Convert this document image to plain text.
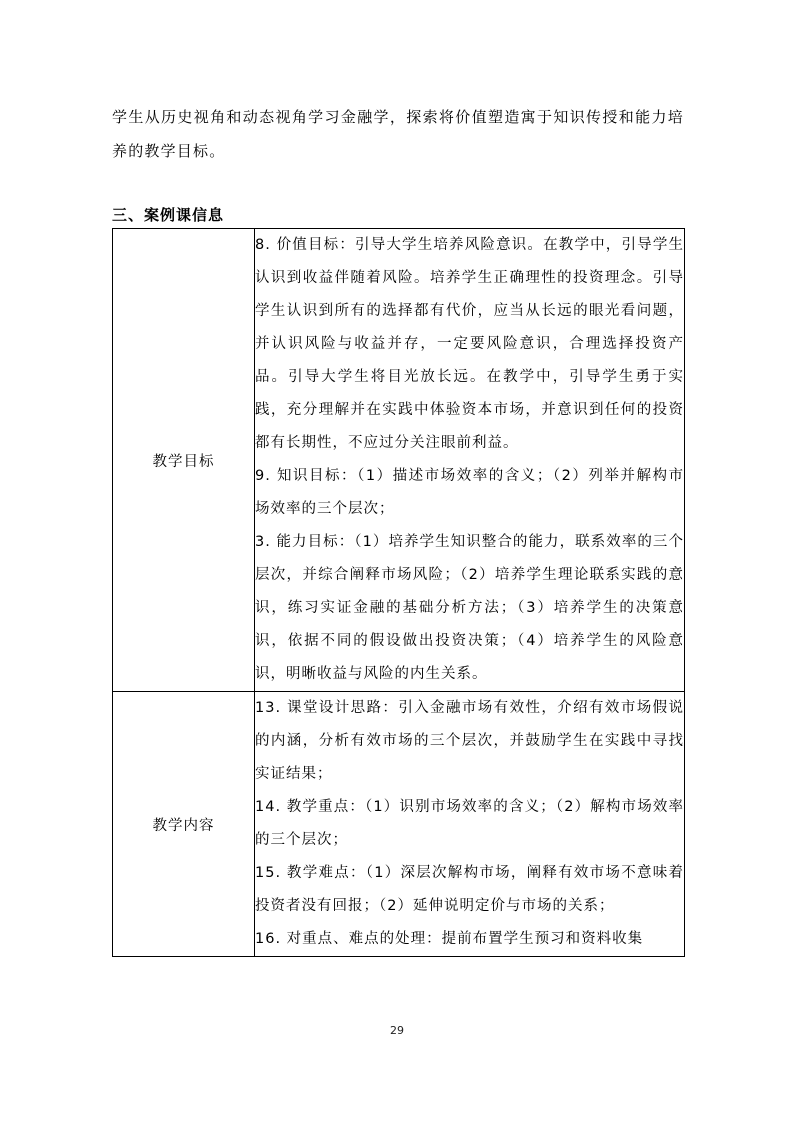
学生从历史视角和动态视角学习金融学，探索将价值塑造寓于知识传授和能力培养的教学目标。

三、案例课信息
教学目标	8. 价值目标：引导大学生培养风险意识。在教学中，引导学生认识到收益伴随着风险。培养学生正确理性的投资理念。引导学生认识到所有的选择都有代价，应当从长远的眼光看问题，并认识风险与收益并存，一定要风险意识，合理选择投资产品。引导大学生将目光放长远。在教学中，引导学生勇于实践，充分理解并在实践中体验资本市场，并意识到任何的投资都有长期性，不应过分关注眼前利益。
9. 知识目标：（1）描述市场效率的含义；（2）列举并解构市场效率的三个层次；
3. 能力目标：（1）培养学生知识整合的能力，联系效率的三个层次，并综合阐释市场风险；（2）培养学生理论联系实践的意识，练习实证金融的基础分析方法；（3）培养学生的决策意识，依据不同的假设做出投资决策；（4）培养学生的风险意识，明晰收益与风险的内生关系。

教学内容	13. 课堂设计思路：引入金融市场有效性，介绍有效市场假说的内涵，分析有效市场的三个层次，并鼓励学生在实践中寻找实证结果；
14. 教学重点：（1）识别市场效率的含义；（2）解构市场效率的三个层次；
15. 教学难点：（1）深层次解构市场，阐释有效市场不意味着投资者没有回报；（2）延伸说明定价与市场的关系；
16. 对重点、难点的处理：提前布置学生预习和资料收集
29
